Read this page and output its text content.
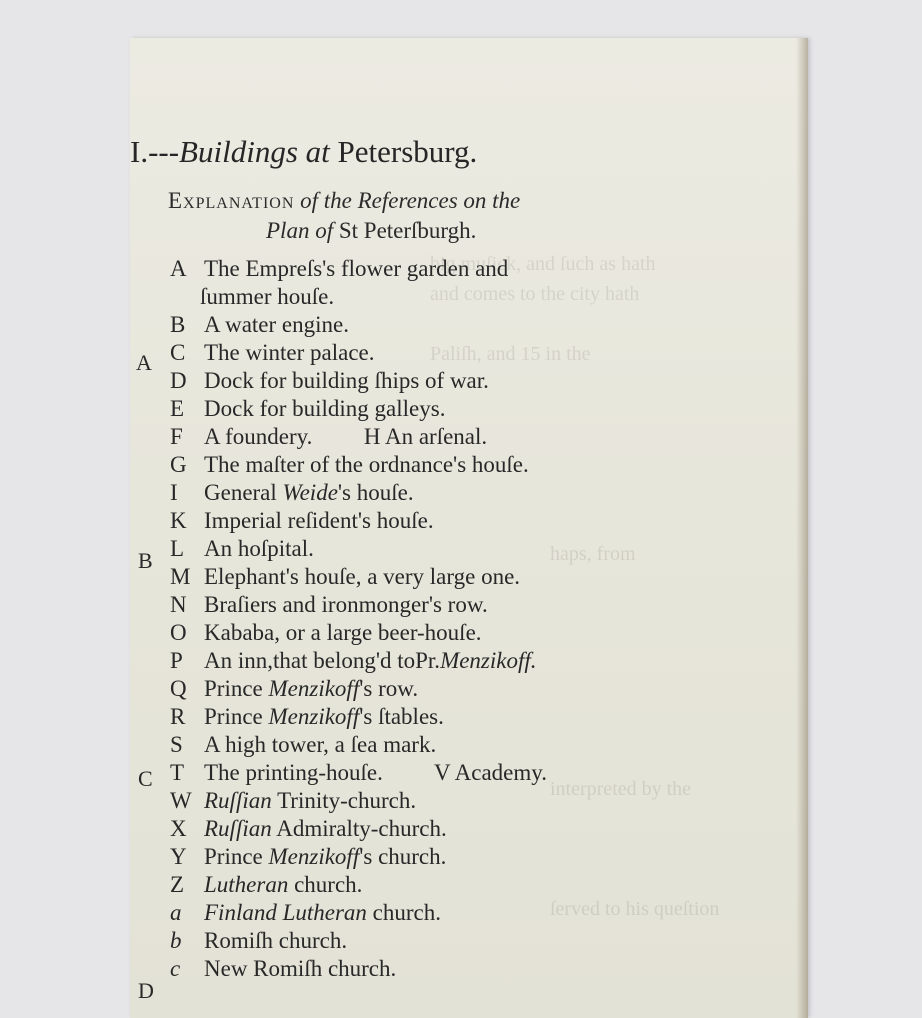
big muſick, and ſuch as hath
and comes to the city hath
Paliſh, and 15 in the
haps, from
interpreted by the
ſerved to his queſtion
I.---Buildings at Petersburg.
Explanation of the References on the
Plan of St Peterſburgh.
A
B
C
D
A The Empreſs's flower garden and
ſummer houſe.
B A water engine.
C The winter palace.
D Dock for building ſhips of war.
E Dock for building galleys.
F A foundery. H An arſenal.
G The maſter of the ordnance's houſe.
I General Weide's houſe.
K Imperial reſident's houſe.
L An hoſpital.
M Elephant's houſe, a very large one.
N Braſiers and ironmonger's row.
O Kababa, or a large beer-houſe.
P An inn,that belong'd toPr.Menzikoff.
Q Prince Menzikoff's row.
R Prince Menzikoff's ſtables.
S A high tower, a ſea mark.
T The printing-houſe. V Academy.
W Ruſſian Trinity-church.
X Ruſſian Admiralty-church.
Y Prince Menzikoff's church.
Z Lutheran church.
a Finland Lutheran church.
b Romiſh church.
c New Romiſh church.
